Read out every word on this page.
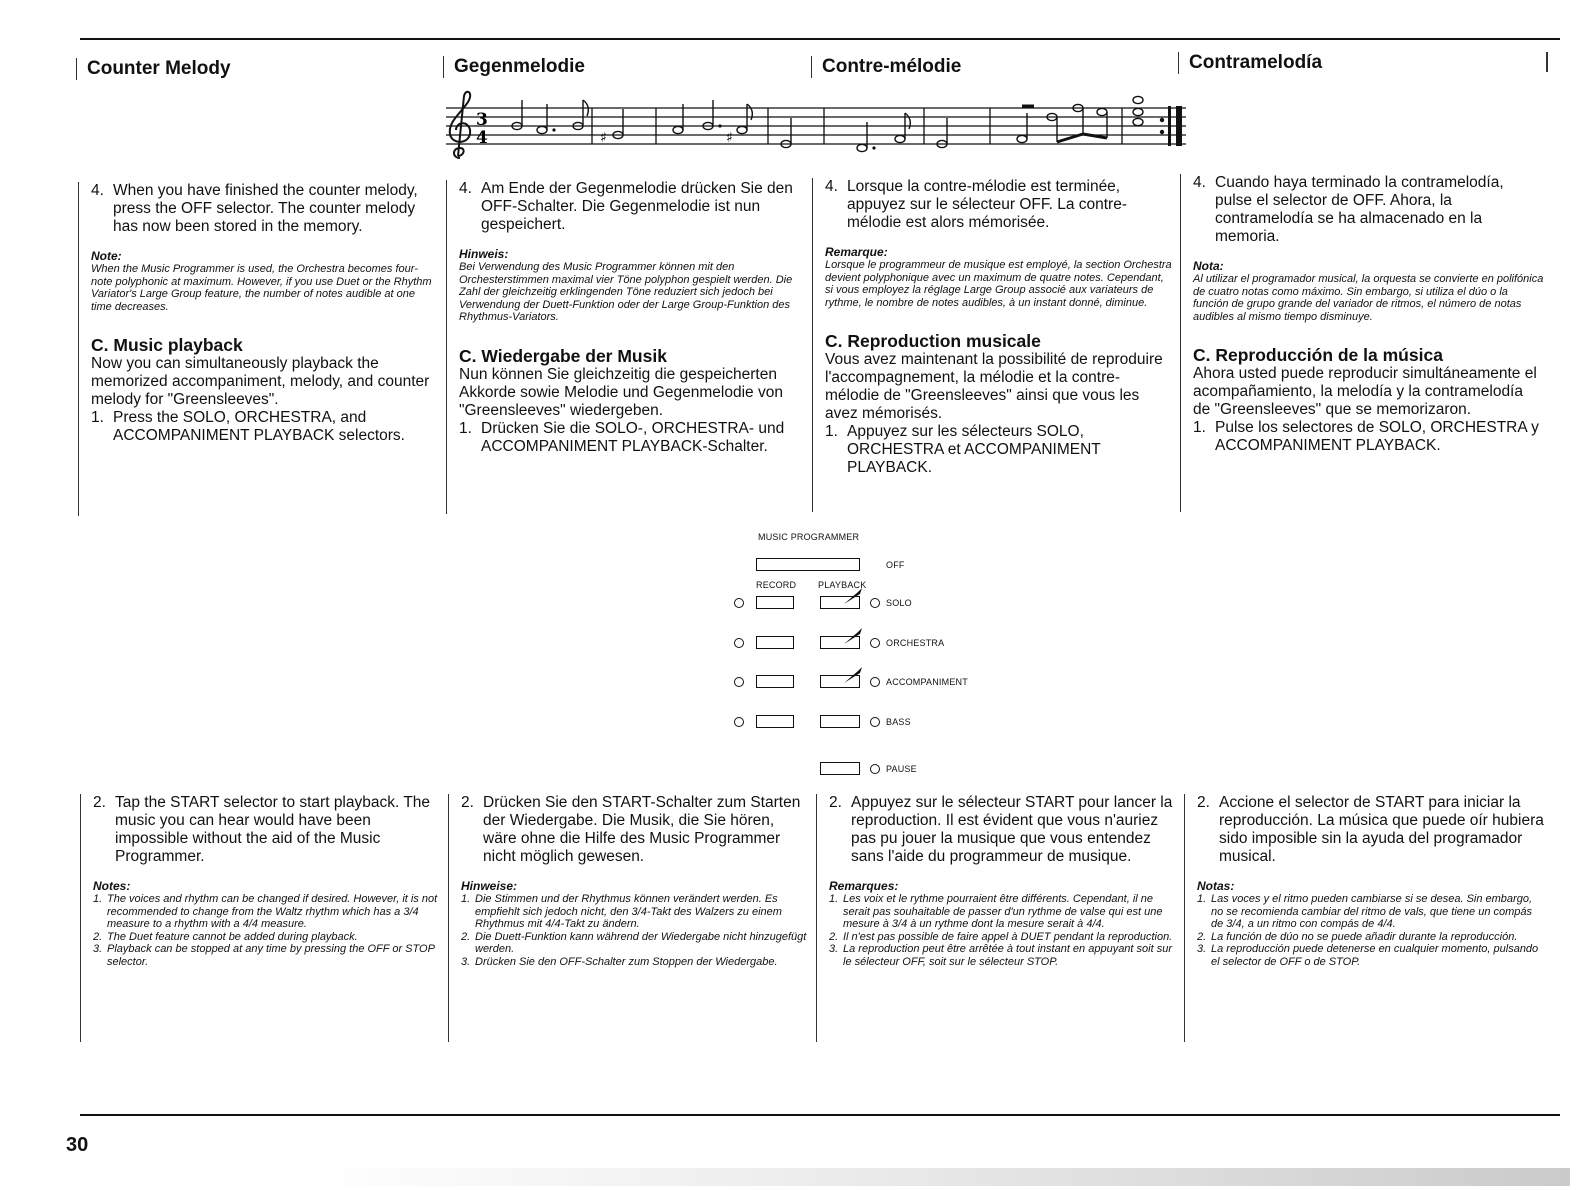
Counter Melody	Gegenmelodie	Contre-mélodie	Contramelodía
3
4	♯	♯
4. When you have finished the counter melody, press the OFF selector. The counter melody has now been stored in the memory.
Note:
When the Music Programmer is used, the Orchestra becomes four-note polyphonic at maximum. However, if you use Duet or the Rhythm Variator's Large Group feature, the number of notes audible at one time decreases.
C. Music playback
Now you can simultaneously playback the memorized accompaniment, melody, and counter melody for "Greensleeves".
1. Press the SOLO, ORCHESTRA, and ACCOMPANIMENT PLAYBACK selectors.
4. Am Ende der Gegenmelodie drücken Sie den OFF-Schalter. Die Gegenmelodie ist nun gespeichert.
Hinweis:
Bei Verwendung des Music Programmer können mit den Orchesterstimmen maximal vier Töne polyphon gespielt werden. Die Zahl der gleichzeitig erklingenden Töne reduziert sich jedoch bei Verwendung der Duett-Funktion oder der Large Group-Funktion des Rhythmus-Variators.
C. Wiedergabe der Musik
Nun können Sie gleichzeitig die gespeicherten Akkorde sowie Melodie und Gegenmelodie von "Greensleeves" wiedergeben.
1. Drücken Sie die SOLO-, ORCHESTRA- und ACCOMPANIMENT PLAYBACK-Schalter.
4. Lorsque la contre-mélodie est terminée, appuyez sur le sélecteur OFF. La contre-mélodie est alors mémorisée.
Remarque:
Lorsque le programmeur de musique est employé, la section Orchestra devient polyphonique avec un maximum de quatre notes. Cependant, si vous employez la réglage Large Group associé aux variateurs de rythme, le nombre de notes audibles, à un instant donné, diminue.
C. Reproduction musicale
Vous avez maintenant la possibilité de reproduire l'accompagnement, la mélodie et la contre-mélodie de "Greensleeves" ainsi que vous les avez mémorisés.
1. Appuyez sur les sélecteurs SOLO, ORCHESTRA et ACCOMPANIMENT PLAYBACK.
4. Cuando haya terminado la contramelodía, pulse el selector de OFF. Ahora, la contramelodía se ha almacenado en la memoria.
Nota:
Al utilizar el programador musical, la orquesta se convierte en polifónica de cuatro notas como máximo. Sin embargo, si utiliza el dúo o la función de grupo grande del variador de ritmos, el número de notas audibles al mismo tiempo disminuye.
C. Reproducción de la música
Ahora usted puede reproducir simultáneamente el acompañamiento, la melodía y la contramelodía de "Greensleeves" que se memorizaron.
1. Pulse los selectores de SOLO, ORCHESTRA y ACCOMPANIMENT PLAYBACK.
MUSIC PROGRAMMER
OFF
RECORD PLAYBACK
SOLO
ORCHESTRA
ACCOMPANIMENT
BASS
PAUSE
2. Tap the START selector to start playback. The music you can hear would have been impossible without the aid of the Music Programmer.
Notes:
1. The voices and rhythm can be changed if desired. However, it is not recommended to change from the Waltz rhythm which has a 3/4 measure to a rhythm with a 4/4 measure.
2. The Duet feature cannot be added during playback.
3. Playback can be stopped at any time by pressing the OFF or STOP selector.
2. Drücken Sie den START-Schalter zum Starten der Wiedergabe. Die Musik, die Sie hören, wäre ohne die Hilfe des Music Programmer nicht möglich gewesen.
Hinweise:
1. Die Stimmen und der Rhythmus können verändert werden. Es empfiehlt sich jedoch nicht, den 3/4-Takt des Walzers zu einem Rhythmus mit 4/4-Takt zu ändern.
2. Die Duett-Funktion kann während der Wiedergabe nicht hinzugefügt werden.
3. Drücken Sie den OFF-Schalter zum Stoppen der Wiedergabe.
2. Appuyez sur le sélecteur START pour lancer la reproduction. Il est évident que vous n'auriez pas pu jouer la musique que vous entendez sans l'aide du programmeur de musique.
Remarques:
1. Les voix et le rythme pourraient être différents. Cependant, il ne serait pas souhaitable de passer d'un rythme de valse qui est une mesure à 3/4 à un rythme dont la mesure serait à 4/4.
2. Il n'est pas possible de faire appel à DUET pendant la reproduction.
3. La reproduction peut être arrêtée à tout instant en appuyant soit sur le sélecteur OFF, soit sur le sélecteur STOP.
2. Accione el selector de START para iniciar la reproducción. La música que puede oír hubiera sido imposible sin la ayuda del programador musical.
Notas:
1. Las voces y el ritmo pueden cambiarse si se desea. Sin embargo, no se recomienda cambiar del ritmo de vals, que tiene un compás de 3/4, a un ritmo con compás de 4/4.
2. La función de dúo no se puede añadir durante la reproducción.
3. La reproducción puede detenerse en cualquier momento, pulsando el selector de OFF o de STOP.
30
